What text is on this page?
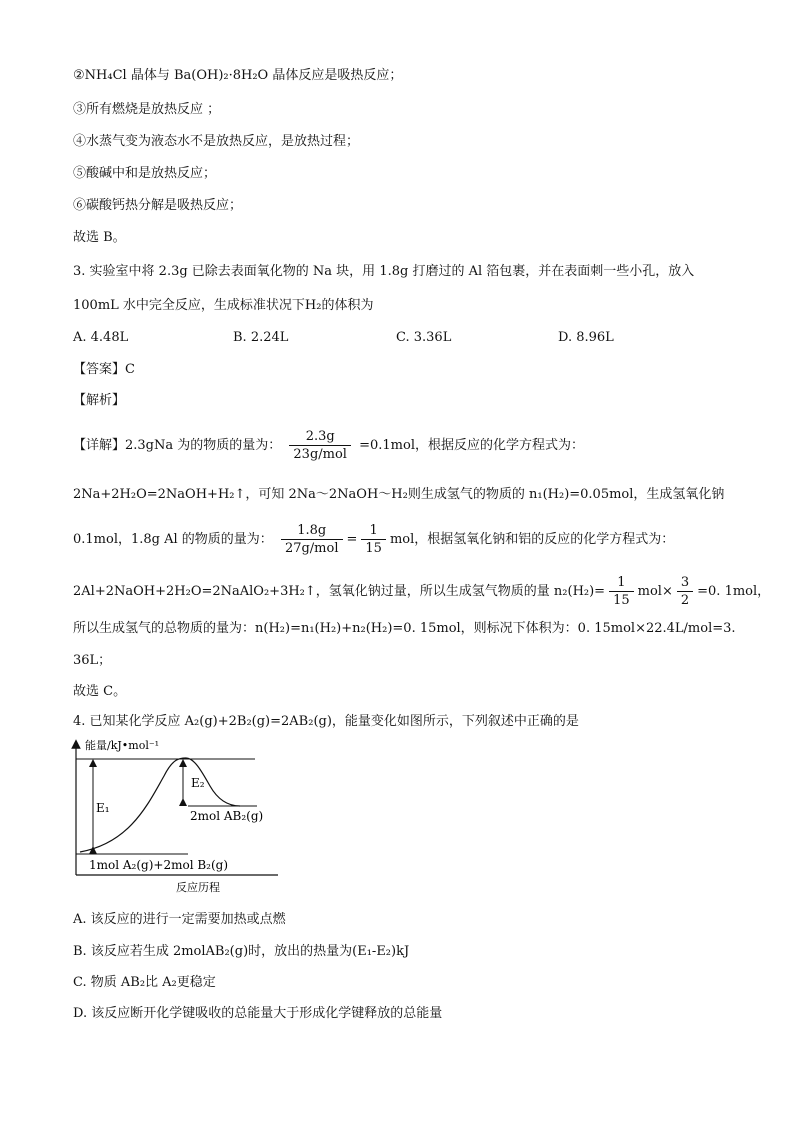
②NH₄Cl 晶体与 Ba(OH)₂·8H₂O 晶体反应是吸热反应；
③所有燃烧是放热反应 ；
④水蒸气变为液态水不是放热反应，是放热过程；
⑤酸碱中和是放热反应；
⑥碳酸钙热分解是吸热反应；
故选 B。
3. 实验室中将 2.3g 已除去表面氧化物的 Na 块，用 1.8g 打磨过的 Al 箔包裹，并在表面刺一些小孔，放入
100mL 水中完全反应，生成标准状况下H₂的体积为
A. 4.48L	B. 2.24L	C. 3.36L	D. 8.96L
【答案】C
【解析】
【详解】2.3gNa 为的物质的量为： $\frac{2.3g}{\text{23g/mol}} =0.1mol$，根据反应的化学方程式为：
2Na+2H₂O=2NaOH+H₂↑，可知 2Na～2NaOH～H₂则生成氢气的物质的 n₁(H₂)=0.05mol，生成氢氧化钠
0.1mol，1.8g Al 的物质的量为： $\frac{1.8g}{\text{27g/mol}} = \frac{1}{15}$ mol，根据氢氧化钠和铝的反应的化学方程式为：
2Al+2NaOH+2H₂O=2NaAlO₂+3H₂↑，氢氧化钠过量，所以生成氢气物质的量 $n_2(H_2)= \frac{1}{15} mol\times \frac{3}{2} =0$. 1mol，
所以生成氢气的总物质的量为：n(H₂)=n₁(H₂)+n₂(H₂)=0. 15mol，则标况下体积为：0. 15mol×22.4L/mol=3.
36L；
故选 C。
4. 已知某化学反应 A₂(g)+2B₂(g)=2AB₂(g)，能量变化如图所示，下列叙述中正确的是
能量/kJ•mol⁻¹
E₁
E₂
2mol AB₂(g)
1mol A₂(g)+2mol B₂(g)
反应历程
A. 该反应的进行一定需要加热或点燃
B. 该反应若生成 2molAB₂(g)时，放出的热量为(E₁-E₂)kJ
C. 物质 AB₂比 A₂更稳定
D. 该反应断开化学键吸收的总能量大于形成化学键释放的总能量
